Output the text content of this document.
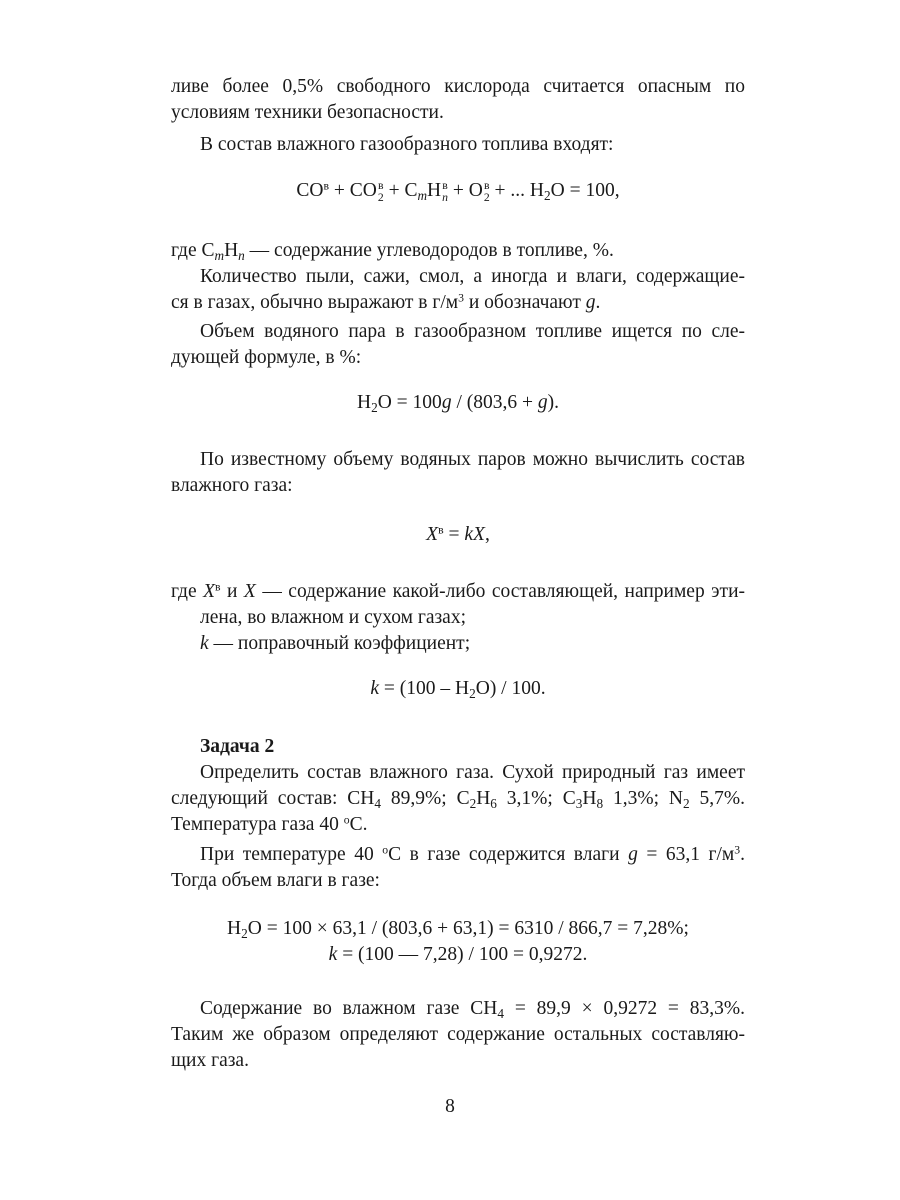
ливе более 0,5% свободного кислорода считается опасным по
условиям техники безопасности.
В состав влажного газообразного топлива входят:
$CO^в$ + CO в
$2 + C_mH$ в
n + O в
2 + ... $H_2O = 100$,
где $C_mH_n$ — содержание углеводородов в топливе, %.
Количество пыли, сажи, смол, а иногда и влаги, содержащие-
ся в газах, обычно выражают в $г/м^3$ и обозначают g.
Объем водяного пара в газообразном топливе ищется по сле-
дующей формуле, в %:
$H_2O = 100g / (803,6 + g)$.
По известному объему водяных паров можно вычислить состав
влажного газа:
$X^в$ = kX,
где $X^в$ и X — содержание какой-либо составляющей, например эти-
лена, во влажном и сухом газах;
k — поправочный коэффициент;
$k = (100 - H_2O) / 100$.
Задача 2
Определить состав влажного газа. Сухой природный газ имеет
следующий состав: $CH_4$ 89,9%; $C_2H_6$ 3,1%; $C_3H_8$ 1,3%; $N_2$ 5,7%.
Температура газа 40 $^o$C.
При температуре 40 $^o$C в газе содержится влаги g = 63,1 $г/м^3$.
Тогда объем влаги в газе:
$H_2O = 100 \times 63,1 / (803,6 + 63,1) = 6310 / 866,7 = 7,28\%$;
k = (100 — 7,28) / 100 = 0,9272.
Содержание во влажном газе $CH_4 = 89,9 \times 0,9272 = 83,3\%$.
Таким же образом определяют содержание остальных составляю-
щих газа.
8
